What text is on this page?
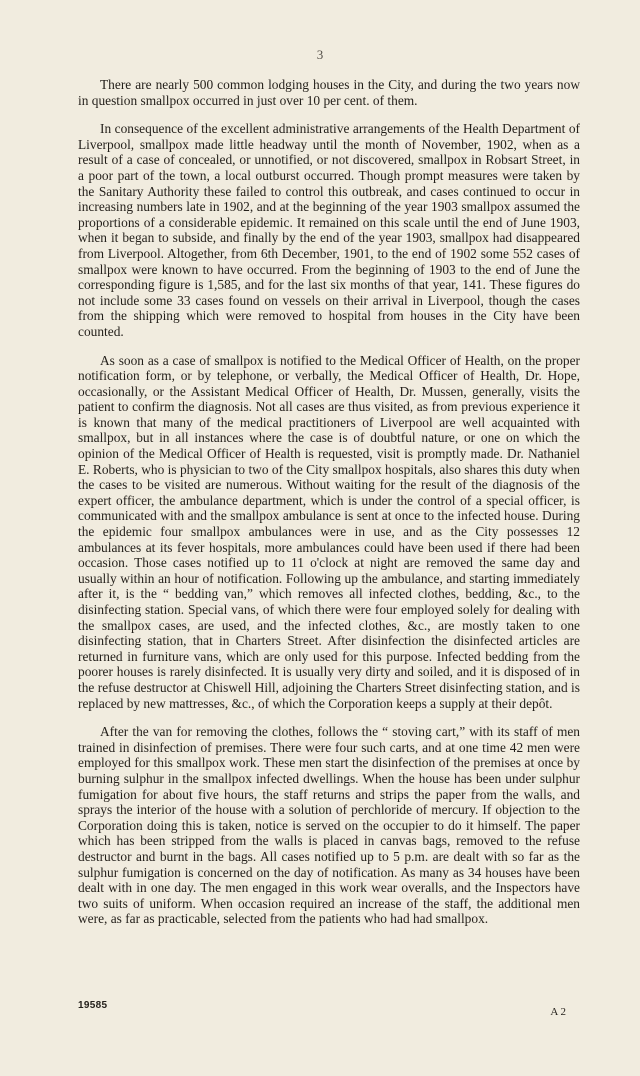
3

There are nearly 500 common lodging houses in the City, and during the two years now in question smallpox occurred in just over 10 per cent. of them.

In consequence of the excellent administrative arrangements of the Health Department of Liverpool, smallpox made little headway until the month of November, 1902, when as a result of a case of concealed, or unnotified, or not discovered, smallpox in Robsart Street, in a poor part of the town, a local outburst occurred. Though prompt measures were taken by the Sanitary Authority these failed to control this outbreak, and cases continued to occur in increasing numbers late in 1902, and at the beginning of the year 1903 smallpox assumed the proportions of a considerable epidemic. It remained on this scale until the end of June 1903, when it began to subside, and finally by the end of the year 1903, smallpox had disappeared from Liverpool. Altogether, from 6th December, 1901, to the end of 1902 some 552 cases of smallpox were known to have occurred. From the beginning of 1903 to the end of June the corresponding figure is 1,585, and for the last six months of that year, 141. These figures do not include some 33 cases found on vessels on their arrival in Liverpool, though the cases from the shipping which were removed to hospital from houses in the City have been counted.

As soon as a case of smallpox is notified to the Medical Officer of Health, on the proper notification form, or by telephone, or verbally, the Medical Officer of Health, Dr. Hope, occasionally, or the Assistant Medical Officer of Health, Dr. Mussen, generally, visits the patient to confirm the diagnosis. Not all cases are thus visited, as from previous experience it is known that many of the medical practitioners of Liverpool are well acquainted with smallpox, but in all instances where the case is of doubtful nature, or one on which the opinion of the Medical Officer of Health is requested, visit is promptly made. Dr. Nathaniel E. Roberts, who is physician to two of the City smallpox hospitals, also shares this duty when the cases to be visited are numerous. Without waiting for the result of the diagnosis of the expert officer, the ambulance department, which is under the control of a special officer, is communicated with and the smallpox ambulance is sent at once to the infected house. During the epidemic four smallpox ambulances were in use, and as the City possesses 12 ambulances at its fever hospitals, more ambulances could have been used if there had been occasion. Those cases notified up to 11 o'clock at night are removed the same day and usually within an hour of notification. Following up the ambulance, and starting immediately after it, is the “ bedding van,” which removes all infected clothes, bedding, &c., to the disinfecting station. Special vans, of which there were four employed solely for dealing with the smallpox cases, are used, and the infected clothes, &c., are mostly taken to one disinfecting station, that in Charters Street. After disinfection the disinfected articles are returned in furniture vans, which are only used for this purpose. Infected bedding from the poorer houses is rarely disinfected. It is usually very dirty and soiled, and it is disposed of in the refuse destructor at Chiswell Hill, adjoining the Charters Street disinfecting station, and is replaced by new mattresses, &c., of which the Corporation keeps a supply at their depôt.

After the van for removing the clothes, follows the “ stoving cart,” with its staff of men trained in disinfection of premises. There were four such carts, and at one time 42 men were employed for this smallpox work. These men start the disinfection of the premises at once by burning sulphur in the smallpox infected dwellings. When the house has been under sulphur fumigation for about five hours, the staff returns and strips the paper from the walls, and sprays the interior of the house with a solution of perchloride of mercury. If objection to the Corporation doing this is taken, notice is served on the occupier to do it himself. The paper which has been stripped from the walls is placed in canvas bags, removed to the refuse destructor and burnt in the bags. All cases notified up to 5 p.m. are dealt with so far as the sulphur fumigation is concerned on the day of notification. As many as 34 houses have been dealt with in one day. The men engaged in this work wear overalls, and the Inspectors have two suits of uniform. When occasion required an increase of the staff, the additional men were, as far as practicable, selected from the patients who had had smallpox.

19585
A 2
